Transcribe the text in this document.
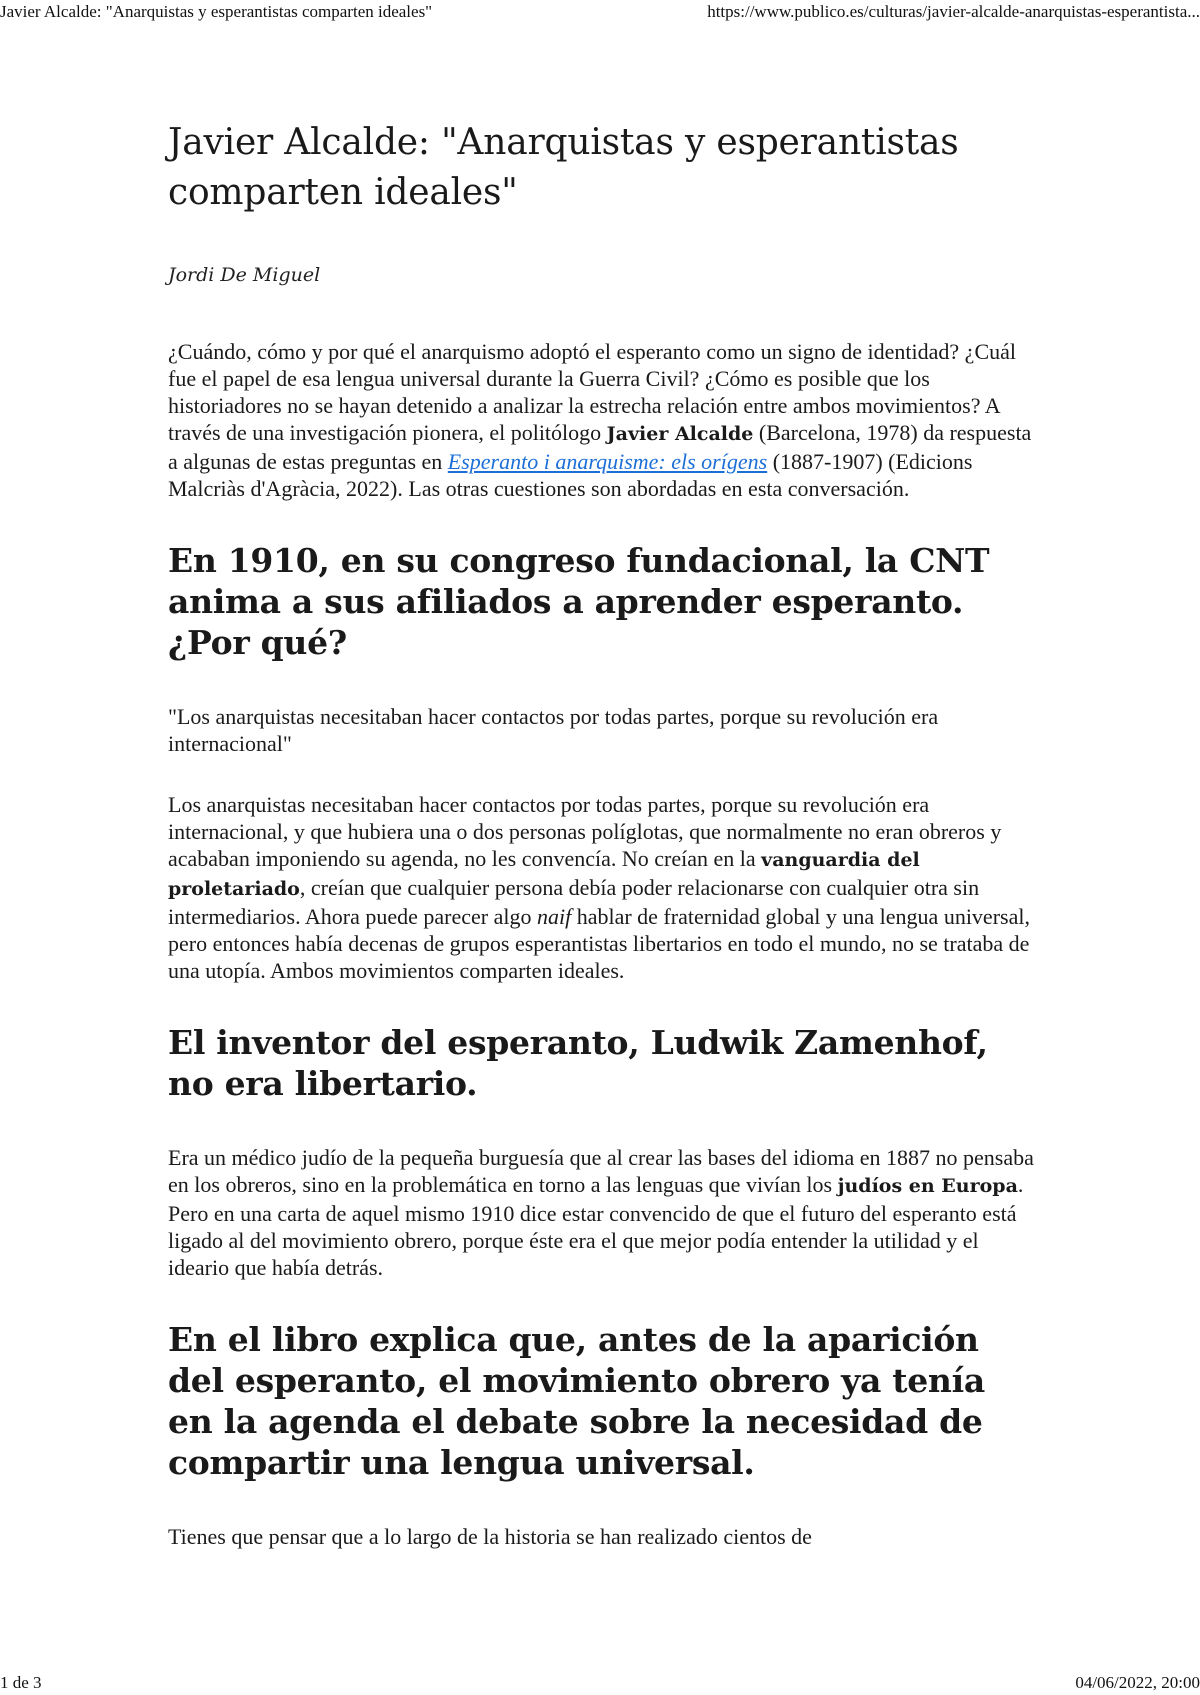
Javier Alcalde: "Anarquistas y esperantistas comparten ideales"	https://www.publico.es/culturas/javier-alcalde-anarquistas-esperantista...
Javier Alcalde: "Anarquistas y esperantistas comparten ideales"
Jordi De Miguel

¿Cuándo, cómo y por qué el anarquismo adoptó el esperanto como un signo de identidad? ¿Cuál fue el papel de esa lengua universal durante la Guerra Civil? ¿Cómo es posible que los historiadores no se hayan detenido a analizar la estrecha relación entre ambos movimientos? A través de una investigación pionera, el politólogo Javier Alcalde (Barcelona, 1978) da respuesta a algunas de estas preguntas en Esperanto i anarquisme: els orígens (1887-1907) (Edicions Malcriàs d'Agràcia, 2022). Las otras cuestiones son abordadas en esta conversación.

En 1910, en su congreso fundacional, la CNT anima a sus afiliados a aprender esperanto. ¿Por qué?

"Los anarquistas necesitaban hacer contactos por todas partes, porque su revolución era internacional"

Los anarquistas necesitaban hacer contactos por todas partes, porque su revolución era internacional, y que hubiera una o dos personas políglotas, que normalmente no eran obreros y acababan imponiendo su agenda, no les convencía. No creían en la vanguardia del proletariado, creían que cualquier persona debía poder relacionarse con cualquier otra sin intermediarios. Ahora puede parecer algo naif hablar de fraternidad global y una lengua universal, pero entonces había decenas de grupos esperantistas libertarios en todo el mundo, no se trataba de una utopía. Ambos movimientos comparten ideales.

El inventor del esperanto, Ludwik Zamenhof, no era libertario.

Era un médico judío de la pequeña burguesía que al crear las bases del idioma en 1887 no pensaba en los obreros, sino en la problemática en torno a las lenguas que vivían los judíos en Europa. Pero en una carta de aquel mismo 1910 dice estar convencido de que el futuro del esperanto está ligado al del movimiento obrero, porque éste era el que mejor podía entender la utilidad y el ideario que había detrás.

En el libro explica que, antes de la aparición del esperanto, el movimiento obrero ya tenía en la agenda el debate sobre la necesidad de compartir una lengua universal.

Tienes que pensar que a lo largo de la historia se han realizado cientos de

1 de 3	04/06/2022, 20:00
